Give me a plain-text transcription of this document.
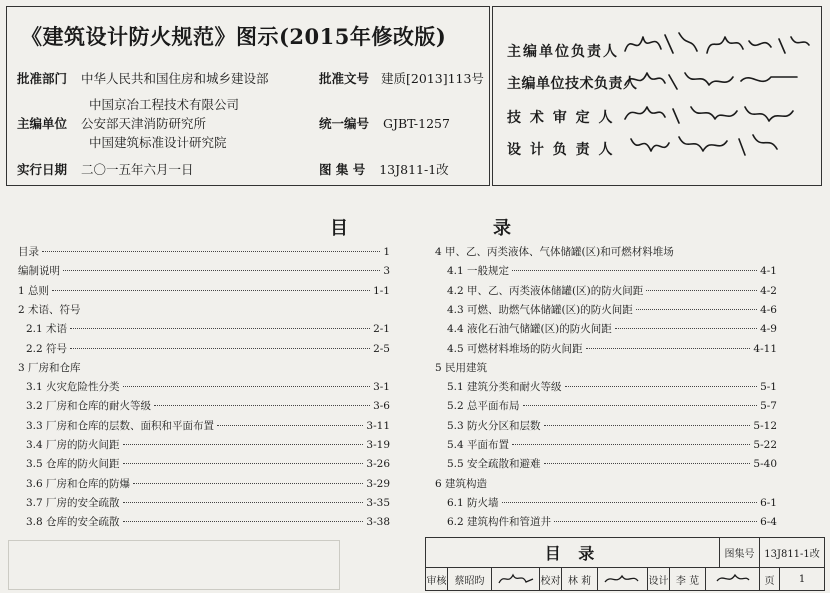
《建筑设计防火规范》图示(2015年修改版)
批准部门 中华人民共和国住房和城乡建设部	批准文号 建质[2013]113号
中国京冶工程技术有限公司
主编单位 公安部天津消防研究所	统一编号 GJBT-1257
中国建筑标准设计研究院
实行日期 二〇一五年六月一日	图 集 号 13J811-1改
主编单位负责人
主编单位技术负责人
技 术 审 定 人
设 计 负 责 人
目	录
目录	1
编制说明	3
1 总则	1-1
2 术语、符号
2.1 术语	2-1
2.2 符号	2-5
3 厂房和仓库
3.1 火灾危险性分类	3-1
3.2 厂房和仓库的耐火等级	3-6
3.3 厂房和仓库的层数、面积和平面布置	3-11
3.4 厂房的防火间距	3-19
3.5 仓库的防火间距	3-26
3.6 厂房和仓库的防爆	3-29
3.7 厂房的安全疏散	3-35
3.8 仓库的安全疏散	3-38
4 甲、乙、丙类液体、气体储罐(区)和可燃材料堆场
4.1 一般规定	4-1
4.2 甲、乙、丙类液体储罐(区)的防火间距	4-2
4.3 可燃、助燃气体储罐(区)的防火间距	4-6
4.4 液化石油气储罐(区)的防火间距	4-9
4.5 可燃材料堆场的防火间距	4-11
5 民用建筑
5.1 建筑分类和耐火等级	5-1
5.2 总平面布局	5-7
5.3 防火分区和层数	5-12
5.4 平面布置	5-22
5.5 安全疏散和避难	5-40
6 建筑构造
6.1 防火墙	6-1
6.2 建筑构件和管道井	6-4
目 录	图集号 13J811-1改
审核 蔡昭昀	校对 林 莉	设计 李 苋	页	1
